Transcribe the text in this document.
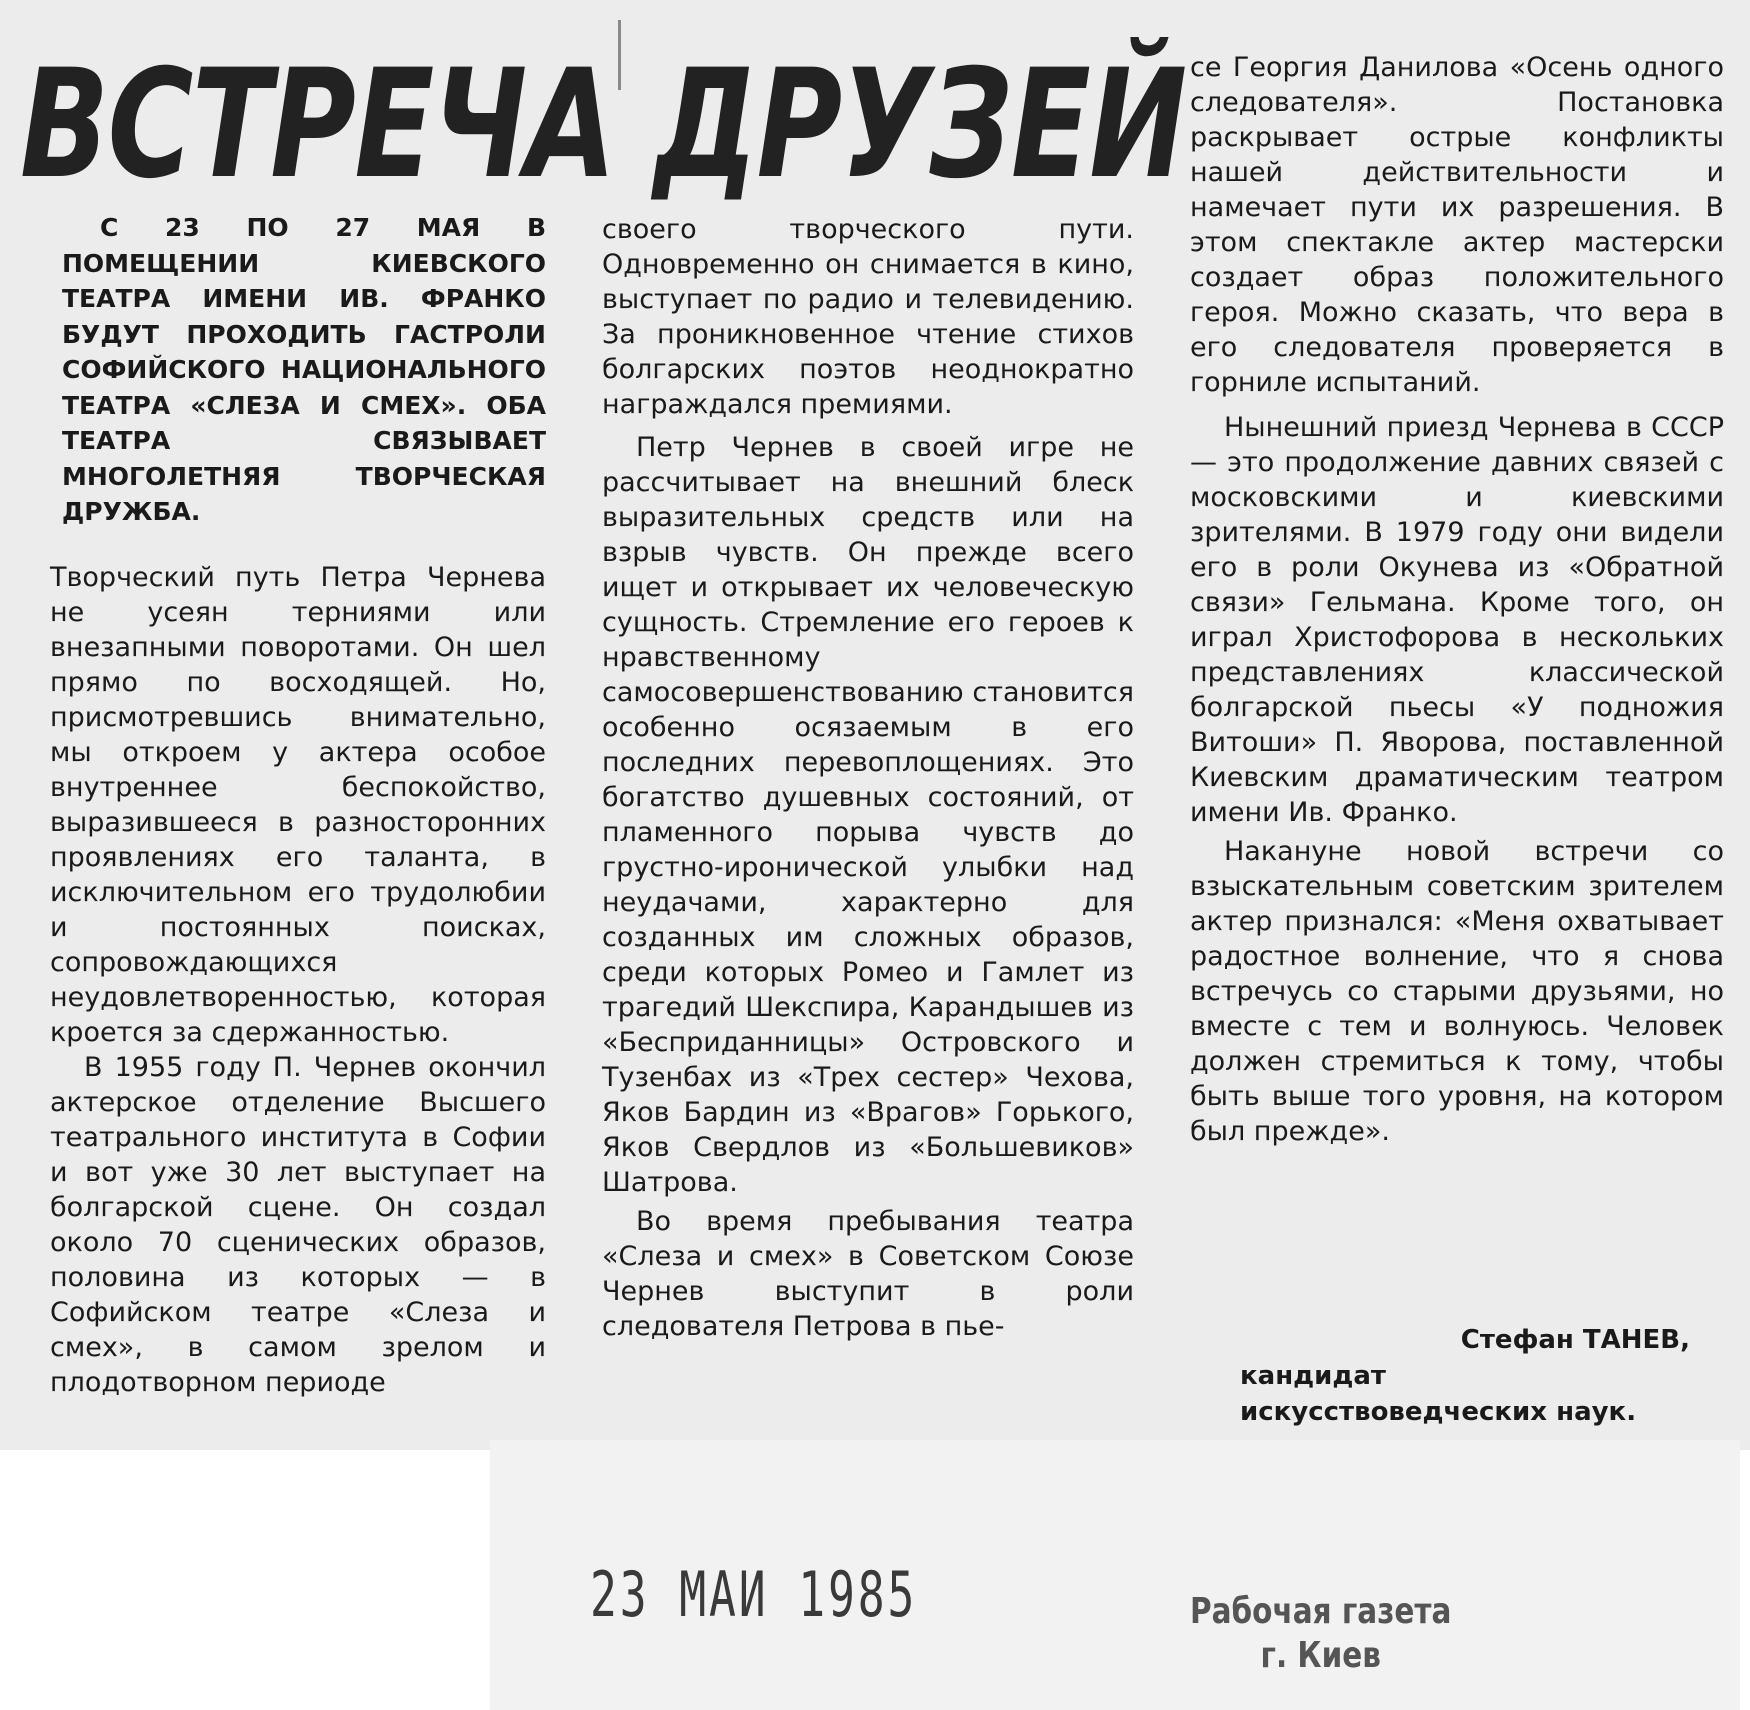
ВСТРЕЧА ДРУЗЕЙ

С 23 ПО 27 МАЯ В ПОМЕЩЕНИИ КИЕВСКОГО ТЕАТРА ИМЕНИ ИВ. ФРАНКО БУДУТ ПРОХОДИТЬ ГАСТРОЛИ СОФИЙСКОГО НАЦИОНАЛЬНОГО ТЕАТРА «СЛЕЗА И СМЕХ». ОБА ТЕАТРА СВЯЗЫВАЕТ МНОГОЛЕТНЯЯ ТВОРЧЕСКАЯ ДРУЖБА.

Творческий путь Петра Чернева не усеян терниями или внезапными поворотами. Он шел прямо по восходящей. Но, присмотревшись внимательно, мы откроем у актера особое внутреннее беспокойство, выразившееся в разносторонних проявлениях его таланта, в исключительном его трудолюбии и постоянных поисках, сопровождающихся неудовлетворенностью, которая кроется за сдержанностью.

В 1955 году П. Чернев окончил актерское отделение Высшего театрального института в Софии и вот уже 30 лет выступает на болгарской сцене. Он создал около 70 сценических образов, половина из которых — в Софийском театре «Слеза и смех», в самом зрелом и плодотворном периоде

своего творческого пути. Одновременно он снимается в кино, выступает по радио и телевидению. За проникновенное чтение стихов болгарских поэтов неоднократно награждался премиями.

Петр Чернев в своей игре не рассчитывает на внешний блеск выразительных средств или на взрыв чувств. Он прежде всего ищет и открывает их человеческую сущность. Стремление его героев к нравственному самосовершенствованию становится особенно осязаемым в его последних перевоплощениях. Это богатство душевных состояний, от пламенного порыва чувств до грустно-иронической улыбки над неудачами, характерно для созданных им сложных образов, среди которых Ромео и Гамлет из трагедий Шекспира, Карандышев из «Бесприданницы» Островского и Тузенбах из «Трех сестер» Чехова, Яков Бардин из «Врагов» Горького, Яков Свердлов из «Большевиков» Шатрова.

Во время пребывания театра «Слеза и смех» в Советском Союзе Чернев выступит в роли следователя Петрова в пье-

се Георгия Данилова «Осень одного следователя». Постановка раскрывает острые конфликты нашей действительности и намечает пути их разрешения. В этом спектакле актер мастерски создает образ положительного героя. Можно сказать, что вера в его следователя проверяется в горниле испытаний.

Нынешний приезд Чернева в СССР — это продолжение давних связей с московскими и киевскими зрителями. В 1979 году они видели его в роли Окунева из «Обратной связи» Гельмана. Кроме того, он играл Христофорова в нескольких представлениях классической болгарской пьесы «У подножия Витоши» П. Яворова, поставленной Киевским драматическим театром имени Ив. Франко.

Накануне новой встречи со взыскательным советским зрителем актер признался: «Меня охватывает радостное волнение, что я снова встречусь со старыми друзьями, но вместе с тем и волнуюсь. Человек должен стремиться к тому, чтобы быть выше того уровня, на котором был прежде».

Стефан ТАНЕВ,
кандидат искусствоведческих наук.
23 МАИ 1985	Рабочая газета
г. Киев
